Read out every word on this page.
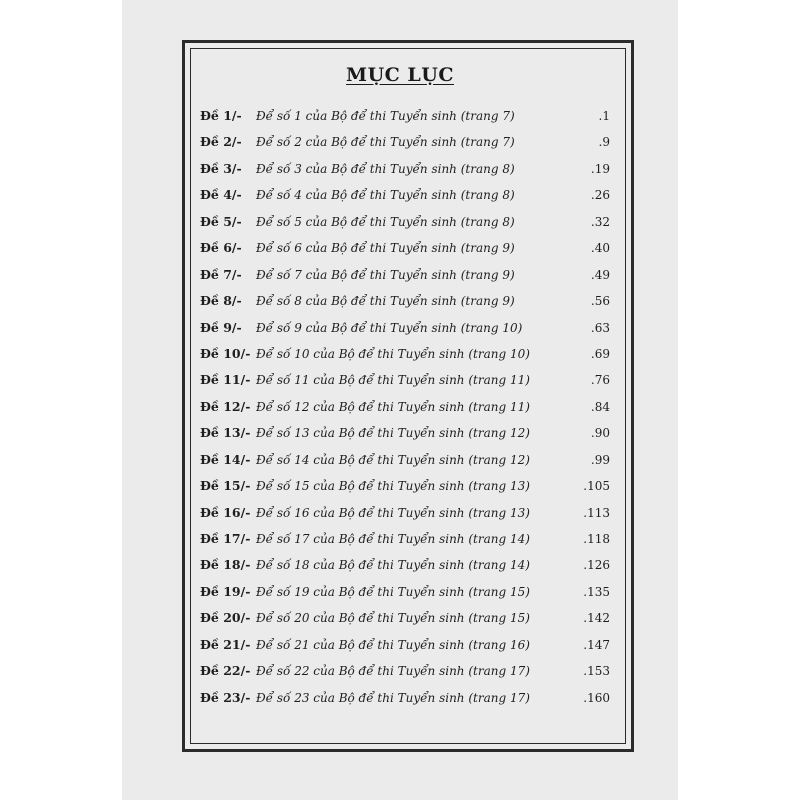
MỤC LỤC
Đề 1/- Để số 1 của Bộ để thi Tuyển sinh (trang 7)	.1
Đề 2/- Để số 2 của Bộ để thi Tuyển sinh (trang 7)	.9
Đề 3/- Để số 3 của Bộ để thi Tuyển sinh (trang 8)	.19
Đề 4/- Để số 4 của Bộ để thi Tuyển sinh (trang 8)	.26
Đề 5/- Để số 5 của Bộ để thi Tuyển sinh (trang 8)	.32
Đề 6/- Để số 6 của Bộ để thi Tuyển sinh (trang 9)	.40
Đề 7/- Để số 7 của Bộ để thi Tuyển sinh (trang 9)	.49
Đề 8/- Để số 8 của Bộ để thi Tuyển sinh (trang 9)	.56
Đề 9/- Để số 9 của Bộ để thi Tuyển sinh (trang 10)	.63
Đề 10/- Để số 10 của Bộ để thi Tuyển sinh (trang 10)	.69
Đề 11/- Để số 11 của Bộ để thi Tuyển sinh (trang 11)	.76
Đề 12/- Để số 12 của Bộ để thi Tuyển sinh (trang 11)	.84
Đề 13/- Để số 13 của Bộ để thi Tuyển sinh (trang 12)	.90
Đề 14/- Để số 14 của Bộ để thi Tuyển sinh (trang 12)	.99
Đề 15/- Để số 15 của Bộ để thi Tuyển sinh (trang 13)	.105
Đề 16/- Để số 16 của Bộ để thi Tuyển sinh (trang 13)	.113
Đề 17/- Để số 17 của Bộ để thi Tuyển sinh (trang 14)	.118
Đề 18/- Để số 18 của Bộ để thi Tuyển sinh (trang 14)	.126
Đề 19/- Để số 19 của Bộ để thi Tuyển sinh (trang 15)	.135
Đề 20/- Để số 20 của Bộ để thi Tuyển sinh (trang 15)	.142
Đề 21/- Để số 21 của Bộ để thi Tuyển sinh (trang 16)	.147
Đề 22/- Để số 22 của Bộ để thi Tuyển sinh (trang 17)	.153
Đề 23/- Để số 23 của Bộ để thi Tuyển sinh (trang 17)	.160
